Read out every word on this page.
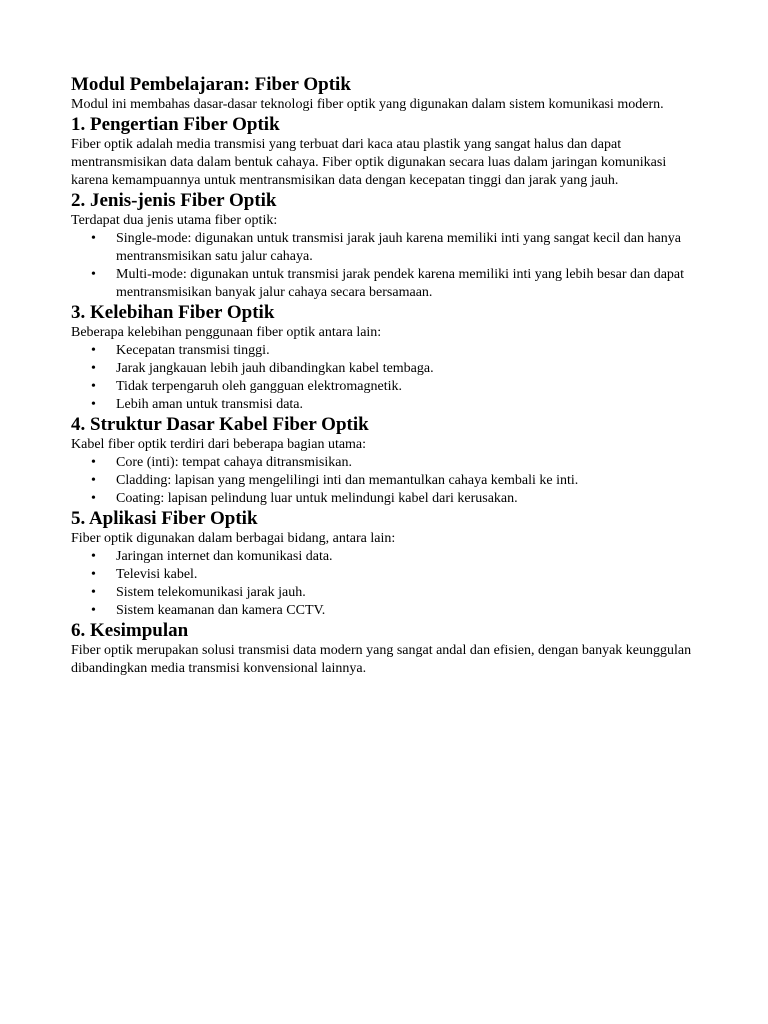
Modul Pembelajaran: Fiber Optik

Modul ini membahas dasar-dasar teknologi fiber optik yang digunakan dalam sistem komunikasi modern.

1. Pengertian Fiber Optik

Fiber optik adalah media transmisi yang terbuat dari kaca atau plastik yang sangat halus dan dapat mentransmisikan data dalam bentuk cahaya. Fiber optik digunakan secara luas dalam jaringan komunikasi karena kemampuannya untuk mentransmisikan data dengan kecepatan tinggi dan jarak yang jauh.

2. Jenis-jenis Fiber Optik

Terdapat dua jenis utama fiber optik:

• Single-mode: digunakan untuk transmisi jarak jauh karena memiliki inti yang sangat kecil dan hanya mentransmisikan satu jalur cahaya.
• Multi-mode: digunakan untuk transmisi jarak pendek karena memiliki inti yang lebih besar dan dapat mentransmisikan banyak jalur cahaya secara bersamaan.
3. Kelebihan Fiber Optik

Beberapa kelebihan penggunaan fiber optik antara lain:

• Kecepatan transmisi tinggi.
• Jarak jangkauan lebih jauh dibandingkan kabel tembaga.
• Tidak terpengaruh oleh gangguan elektromagnetik.
• Lebih aman untuk transmisi data.
4. Struktur Dasar Kabel Fiber Optik

Kabel fiber optik terdiri dari beberapa bagian utama:

• Core (inti): tempat cahaya ditransmisikan.
• Cladding: lapisan yang mengelilingi inti dan memantulkan cahaya kembali ke inti.
• Coating: lapisan pelindung luar untuk melindungi kabel dari kerusakan.
5. Aplikasi Fiber Optik

Fiber optik digunakan dalam berbagai bidang, antara lain:

• Jaringan internet dan komunikasi data.
• Televisi kabel.
• Sistem telekomunikasi jarak jauh.
• Sistem keamanan dan kamera CCTV.
6. Kesimpulan

Fiber optik merupakan solusi transmisi data modern yang sangat andal dan efisien, dengan banyak keunggulan dibandingkan media transmisi konvensional lainnya.
